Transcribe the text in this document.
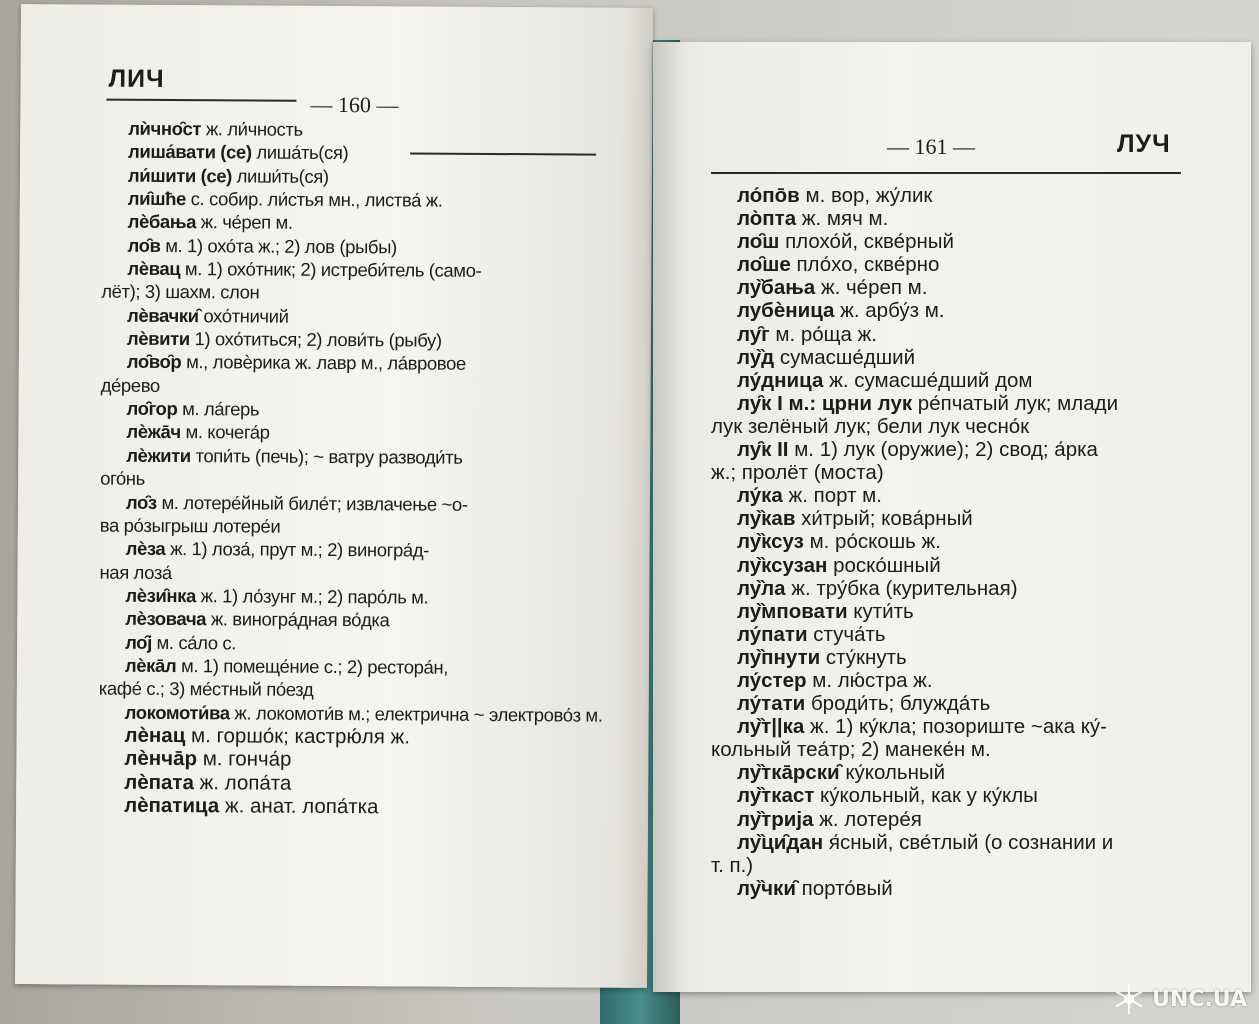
ЛИЧ
— 160 —
лѝчно̑ст ж. ли́чность
лиша́вати (се) лиша́ть(ся)
ли́шити (се) лиши́ть(ся)
ли̑шће с. собир. ли́стья мн., листва́ ж.
лѐбања ж. че́реп м.
ло̑в м. 1) охо́та ж.; 2) лов (рыбы)
лѐвац м. 1) охо́тник; 2) истреби́тель (само-
лёт); 3) шахм. слон
лѐвачки̑ охо́тничий
лѐвити 1) охо́титься; 2) лови́ть (рыбу)
ло̑во̑р м., ловѐрика ж. лавр м., ла́вровое
де́рево
ло̑гор м. ла́герь
лѐжа̄ч м. кочега́р
лѐжити топи́ть (печь); ~ ватру разводи́ть
ого́нь
ло̑з м. лотере́йный биле́т; извлачење ~о-
ва ро́зыгрыш лотере́и
лѐза ж. 1) лоза́, прут м.; 2) виногра́д-
ная лоза́
лѐзи̑нка ж. 1) ло́зунг м.; 2) паро́ль м.
лѐзовача ж. виногра́дная во́дка
ло̑ј м. са́ло с.
лѐка̄л м. 1) помеще́ние с.; 2) рестора́н,
кафе́ с.; 3) ме́стный по́езд
локомоти́ва ж. локомоти́в м.; електрична ~ электрово́з м.
лѐнац м. горшо́к; кастрю́ля ж.
лѐнча̄р м. гонча́р
лѐпата ж. лопа́та
лѐпатица ж. анат. лопа́тка
— 161 —	ЛУЧ
ло́по̄в м. вор, жу́лик
ло̀пта ж. мяч м.
ло̑ш плохо́й, скве́рный
ло̑ше пло́хо, скве́рно
лу̏бања ж. че́реп м.
лубѐница ж. арбу́з м.
лу̑г м. ро́ща ж.
лу̏д сумасше́дший
лу́дница ж. сумасше́дший дом
лу̑к I м.: црни лук ре́пчатый лук; млади
лук зелёный лук; бели лук чесно́к
лу̑к II м. 1) лук (оружие); 2) свод; а́рка
ж.; пролёт (моста)
лу́ка ж. порт м.
лу̏кав хи́трый; кова́рный
лу̏ксуз м. ро́скошь ж.
лу̏ксузан роско́шный
лу̏ла ж. тру́бка (курительная)
лу̏мповати кути́ть
лу́пати стуча́ть
лу̏пнути сту́кнуть
лу́стер м. лю́стра ж.
лу́тати броди́ть; блужда́ть
лу̏т||ка ж. 1) ку́кла; позориште ~ака ку́-
кольный теа́тр; 2) манеке́н м.
лу̏тка̄рски̑ ку́кольный
лу̏ткаст ку́кольный, как у ку́клы
лу̏трија ж. лотере́я
лу̏ци̑дан я́сный, све́тлый (о сознании и
т. п.)
лу̏чки̑ порто́вый
UNC.UA
